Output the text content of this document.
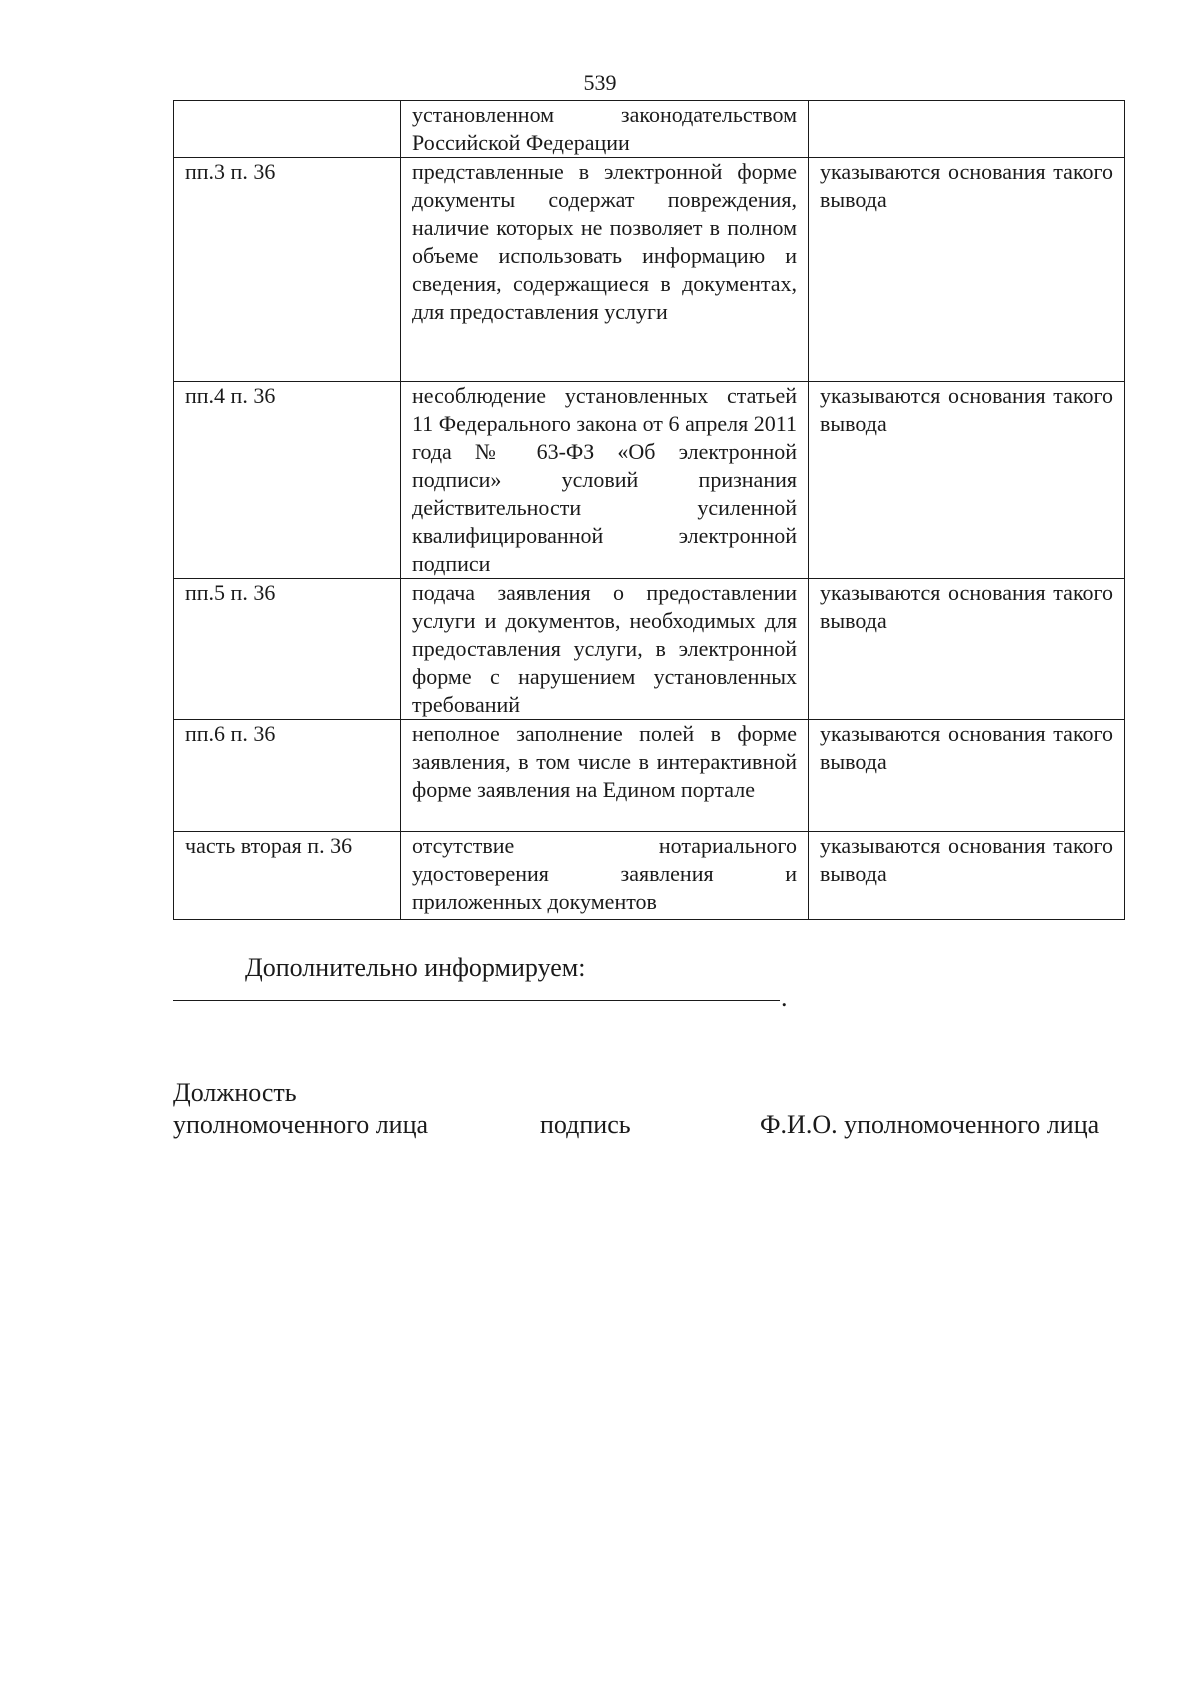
539

	установленном законодательством Российской Федерации	

пп.3 п. 36	представленные в электронной форме документы содержат повреждения, наличие которых не позволяет в полном объеме использовать информацию и сведения, содержащиеся в документах, для предоставления услуги	указываются основания такого вывода

пп.4 п. 36	несоблюдение установленных статьей 11 Федерального закона от 6 апреля 2011 года № 63-ФЗ «Об электронной подписи» условий признания действительности усиленной квалифицированной электронной подписи	указываются основания такого вывода

пп.5 п. 36	подача заявления о предоставлении услуги и документов, необходимых для предоставления услуги, в электронной форме с нарушением установленных требований	указываются основания такого вывода

пп.6 п. 36	неполное заполнение полей в форме заявления, в том числе в интерактивной форме заявления на Едином портале	указываются основания такого вывода

часть вторая п. 36	отсутствие нотариального удостоверения заявления и приложенных документов	указываются основания такого вывода
Дополнительно информируем:
.
Должность
уполномоченного лица	подпись	Ф.И.О. уполномоченного лица
